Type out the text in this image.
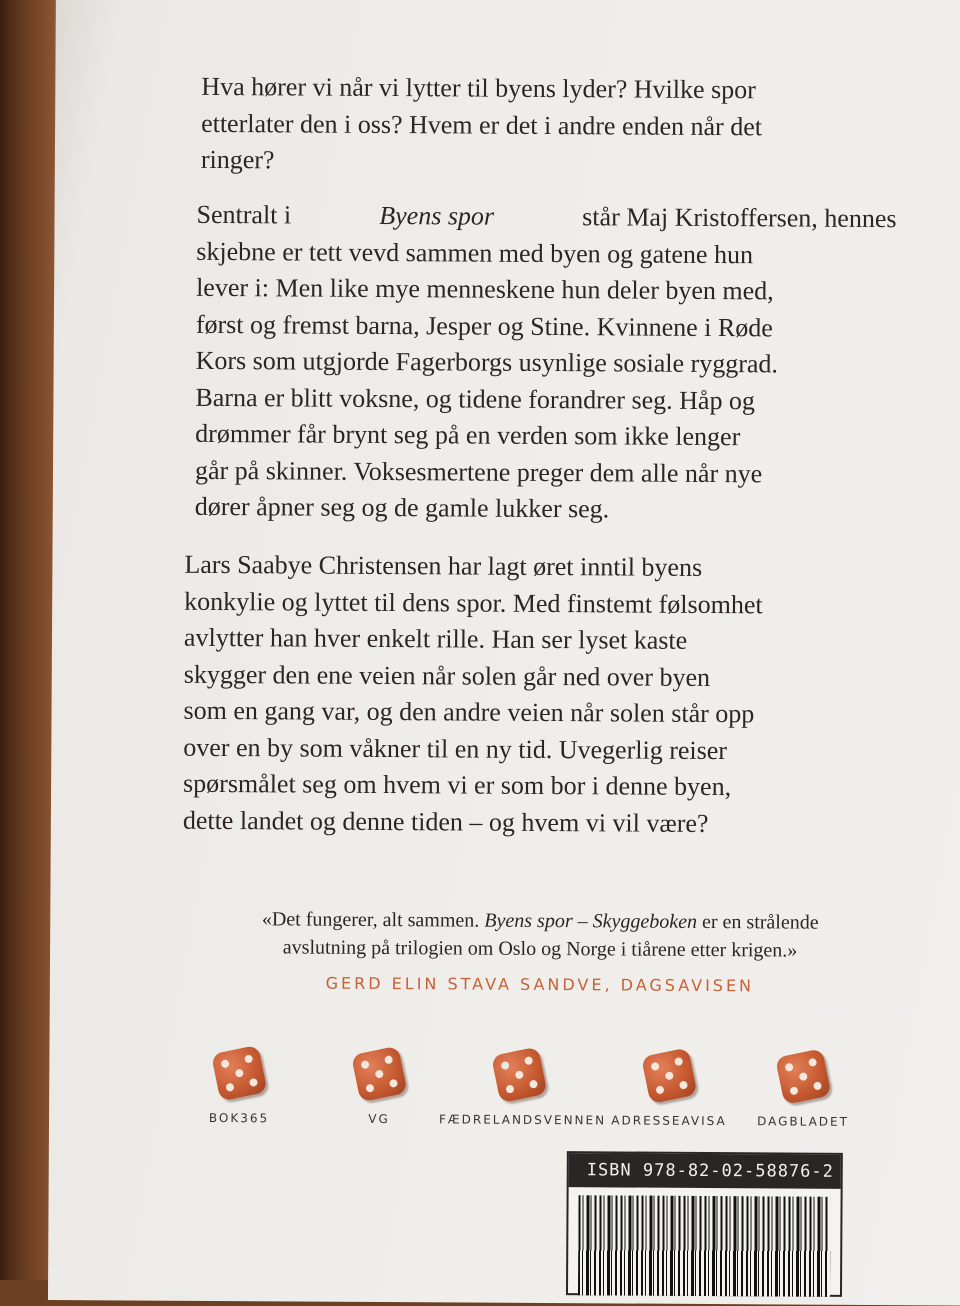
Hva hører vi når vi lytter til byens lyder? Hvilke spor
etterlater den i oss? Hvem er det i andre enden når det
ringer?
Sentralt i	Byens spor	står Maj Kristoffersen, hennes
skjebne er tett vevd sammen med byen og gatene hun
lever i: Men like mye menneskene hun deler byen med,
først og fremst barna, Jesper og Stine. Kvinnene i Røde
Kors som utgjorde Fagerborgs usynlige sosiale ryggrad.
Barna er blitt voksne, og tidene forandrer seg. Håp og
drømmer får brynt seg på en verden som ikke lenger
går på skinner. Voksesmertene preger dem alle når nye
dører åpner seg og de gamle lukker seg.
Lars Saabye Christensen har lagt øret inntil byens
konkylie og lyttet til dens spor. Med finstemt følsomhet
avlytter han hver enkelt rille. Han ser lyset kaste
skygger den ene veien når solen går ned over byen
som en gang var, og den andre veien når solen står opp
over en by som våkner til en ny tid. Uvegerlig reiser
spørsmålet seg om hvem vi er som bor i denne byen,
dette landet og denne tiden – og hvem vi vil være?
«Det fungerer, alt sammen. Byens spor – Skyggeboken er en strålende
avslutning på trilogien om Oslo og Norge i tiårene etter krigen.»
GERD ELIN STAVA SANDVE, DAGSAVISEN
BOK365	VG	FÆDRELANDSVENNEN ADRESSEAVISA	DAGBLADET
ISBN 978-82-02-58876-2
